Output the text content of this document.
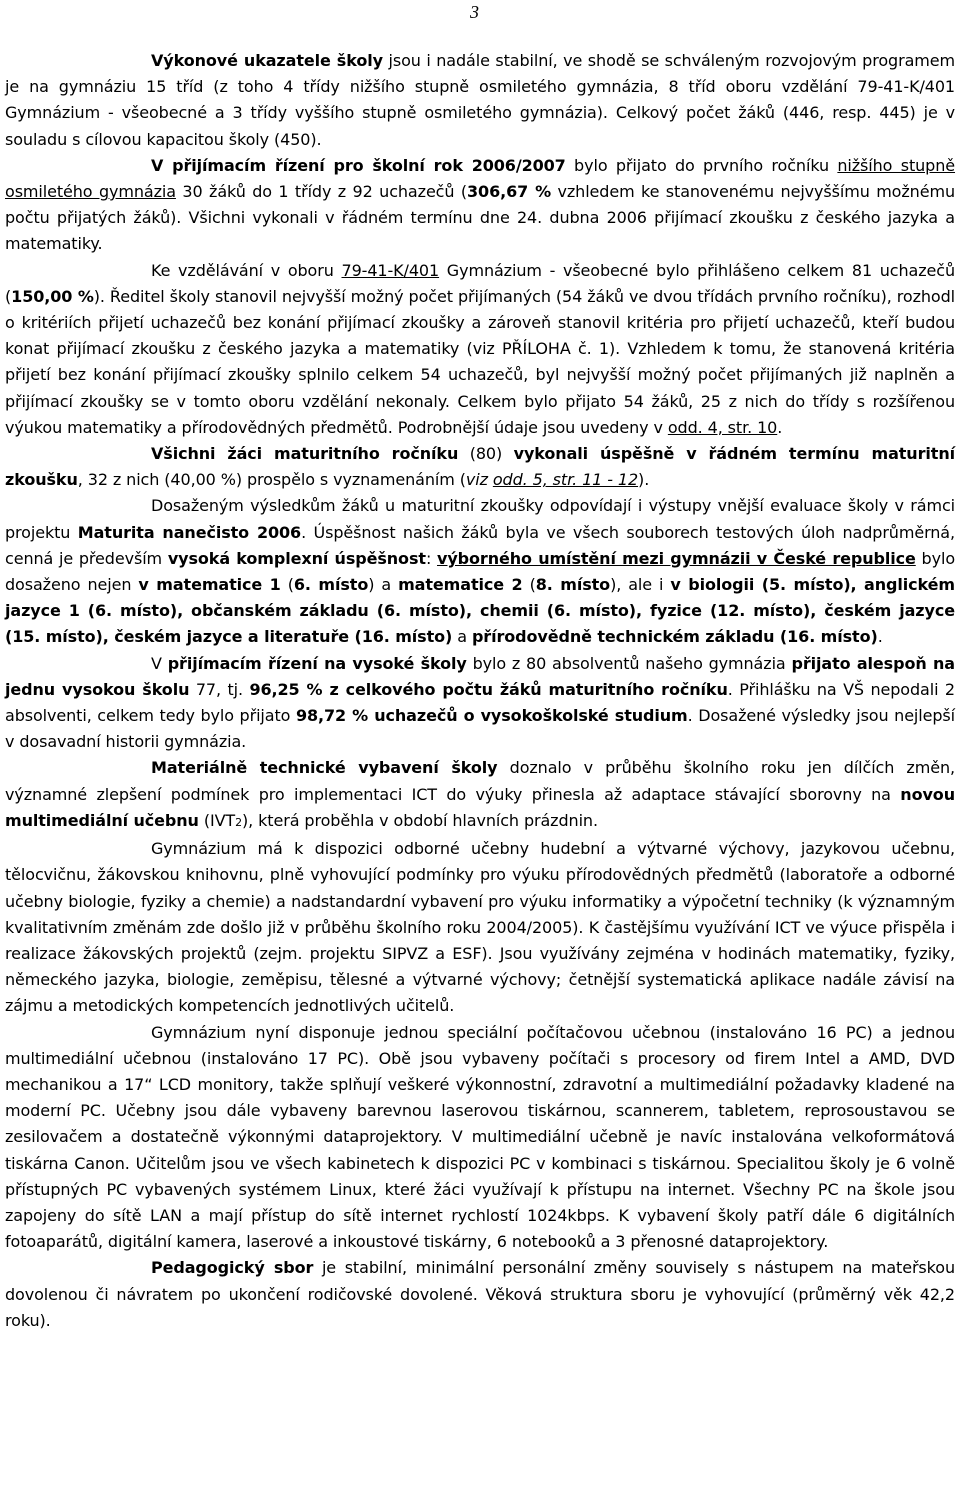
3

Výkonové ukazatele školy jsou i nadále stabilní, ve shodě se schváleným rozvojovým programem je na gymnáziu 15 tříd (z toho 4 třídy nižšího stupně osmiletého gymnázia, 8 tříd oboru vzdělání 79-41-K/401 Gymnázium - všeobecné a 3 třídy vyššího stupně osmiletého gymnázia). Celkový počet žáků (446, resp. 445) je v souladu s cílovou kapacitou školy (450).

V přijímacím řízení pro školní rok 2006/2007 bylo přijato do prvního ročníku nižšího stupně osmiletého gymnázia 30 žáků do 1 třídy z 92 uchazečů (306,67 % vzhledem ke stanovenému nejvyššímu možnému počtu přijatých žáků). Všichni vykonali v řádném termínu dne 24. dubna 2006 přijímací zkoušku z českého jazyka a matematiky.

Ke vzdělávání v oboru 79-41-K/401 Gymnázium - všeobecné bylo přihlášeno celkem 81 uchazečů (150,00 %). Ředitel školy stanovil nejvyšší možný počet přijímaných (54 žáků ve dvou třídách prvního ročníku), rozhodl o kritériích přijetí uchazečů bez konání přijímací zkoušky a zároveň stanovil kritéria pro přijetí uchazečů, kteří budou konat přijímací zkoušku z českého jazyka a matematiky (viz PŘÍLOHA č. 1). Vzhledem k tomu, že stanovená kritéria přijetí bez konání přijímací zkoušky splnilo celkem 54 uchazečů, byl nejvyšší možný počet přijímaných již naplněn a přijímací zkoušky se v tomto oboru vzdělání nekonaly. Celkem bylo přijato 54 žáků, 25 z nich do třídy s rozšířenou výukou matematiky a přírodovědných předmětů. Podrobnější údaje jsou uvedeny v odd. 4, str. 10.

Všichni žáci maturitního ročníku (80) vykonali úspěšně v řádném termínu maturitní zkoušku, 32 z nich (40,00 %) prospělo s vyznamenáním (viz odd. 5, str. 11 - 12).

Dosaženým výsledkům žáků u maturitní zkoušky odpovídají i výstupy vnější evaluace školy v rámci projektu Maturita nanečisto 2006. Úspěšnost našich žáků byla ve všech souborech testových úloh nadprůměrná, cenná je především vysoká komplexní úspěšnost: výborného umístění mezi gymnázii v České republice bylo dosaženo nejen v matematice 1 (6. místo) a matematice 2 (8. místo), ale i v biologii (5. místo), anglickém jazyce 1 (6. místo), občanském základu (6. místo), chemii (6. místo), fyzice (12. místo), českém jazyce (15. místo), českém jazyce a literatuře (16. místo) a přírodovědně technickém základu (16. místo).

V přijímacím řízení na vysoké školy bylo z 80 absolventů našeho gymnázia přijato alespoň na jednu vysokou školu 77, tj. 96,25 % z celkového počtu žáků maturitního ročníku. Přihlášku na VŠ nepodali 2 absolventi, celkem tedy bylo přijato 98,72 % uchazečů o vysokoškolské studium. Dosažené výsledky jsou nejlepší v dosavadní historii gymnázia.

Materiálně technické vybavení školy doznalo v průběhu školního roku jen dílčích změn, významné zlepšení podmínek pro implementaci ICT do výuky přinesla až adaptace stávající sborovny na novou multimediální učebnu (IVT2), která proběhla v období hlavních prázdnin.

Gymnázium má k dispozici odborné učebny hudební a výtvarné výchovy, jazykovou učebnu, tělocvičnu, žákovskou knihovnu, plně vyhovující podmínky pro výuku přírodovědných předmětů (laboratoře a odborné učebny biologie, fyziky a chemie) a nadstandardní vybavení pro výuku informatiky a výpočetní techniky (k významným kvalitativním změnám zde došlo již v průběhu školního roku 2004/2005). K častějšímu využívání ICT ve výuce přispěla i realizace žákovských projektů (zejm. projektu SIPVZ a ESF). Jsou využívány zejména v hodinách matematiky, fyziky, německého jazyka, biologie, zeměpisu, tělesné a výtvarné výchovy; četnější systematická aplikace nadále závisí na zájmu a metodických kompetencích jednotlivých učitelů.

Gymnázium nyní disponuje jednou speciální počítačovou učebnou (instalováno 16 PC) a jednou multimediální učebnou (instalováno 17 PC). Obě jsou vybaveny počítači s procesory od firem Intel a AMD, DVD mechanikou a 17“ LCD monitory, takže splňují veškeré výkonnostní, zdravotní a multimediální požadavky kladené na moderní PC. Učebny jsou dále vybaveny barevnou laserovou tiskárnou, scannerem, tabletem, reprosoustavou se zesilovačem a dostatečně výkonnými dataprojektory. V multimediální učebně je navíc instalována velkoformátová tiskárna Canon. Učitelům jsou ve všech kabinetech k dispozici PC v kombinaci s tiskárnou. Specialitou školy je 6 volně přístupných PC vybavených systémem Linux, které žáci využívají k přístupu na internet. Všechny PC na škole jsou zapojeny do sítě LAN a mají přístup do sítě internet rychlostí 1024kbps. K vybavení školy patří dále 6 digitálních fotoaparátů, digitální kamera, laserové a inkoustové tiskárny, 6 notebooků a 3 přenosné dataprojektory.

Pedagogický sbor je stabilní, minimální personální změny souvisely s nástupem na mateřskou dovolenou či návratem po ukončení rodičovské dovolené. Věková struktura sboru je vyhovující (průměrný věk 42,2 roku).
